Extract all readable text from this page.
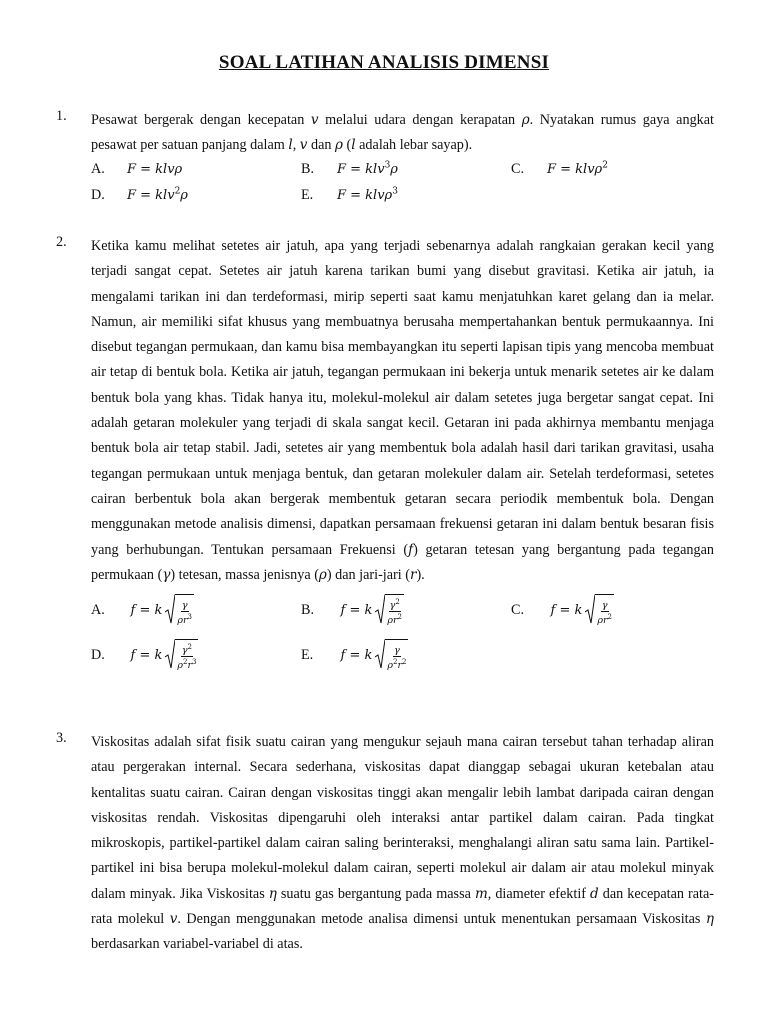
SOAL LATIHAN ANALISIS DIMENSI
1. Pesawat bergerak dengan kecepatan v melalui udara dengan kerapatan ρ. Nyatakan rumus gaya angkat pesawat per satuan panjang dalam l, v dan ρ (l adalah lebar sayap).

A. F = klvρ	B. F = klv$^3$ρ	C. F = klvρ$^2$
D. F = klv$^2$ρ	E. F = klvρ$^3$
2. Ketika kamu melihat setetes air jatuh, apa yang terjadi sebenarnya adalah rangkaian gerakan kecil yang terjadi sangat cepat. Setetes air jatuh karena tarikan bumi yang disebut gravitasi. Ketika air jatuh, ia mengalami tarikan ini dan terdeformasi, mirip seperti saat kamu menjatuhkan karet gelang dan ia melar. Namun, air memiliki sifat khusus yang membuatnya berusaha mempertahankan bentuk permukaannya. Ini disebut tegangan permukaan, dan kamu bisa membayangkan itu seperti lapisan tipis yang mencoba membuat air tetap di bentuk bola. Ketika air jatuh, tegangan permukaan ini bekerja untuk menarik setetes air ke dalam bentuk bola yang khas. Tidak hanya itu, molekul-molekul air dalam setetes juga bergetar sangat cepat. Ini adalah getaran molekuler yang terjadi di skala sangat kecil. Getaran ini pada akhirnya membantu menjaga bentuk bola air tetap stabil. Jadi, setetes air yang membentuk bola adalah hasil dari tarikan gravitasi, usaha tegangan permukaan untuk menjaga bentuk, dan getaran molekuler dalam air. Setelah terdeformasi, setetes cairan berbentuk bola akan bergerak membentuk getaran secara periodik membentuk bola. Dengan menggunakan metode analisis dimensi, dapatkan persamaan frekuensi getaran ini dalam bentuk besaran fisis yang berhubungan. Tentukan persamaan Frekuensi (f) getaran tetesan yang bergantung pada tegangan permukaan (γ) tetesan, massa jenisnya (ρ) dan jari-jari (r).

A. f = k $\frac{\gamma}{\rho r^3}$	B. f = k $\frac{\gamma^2}{\rho r^2}$	C. f = k $\frac{\gamma}{\rho r^2}$
D. f = k $\frac{\gamma^2}{\rho^2r^3}$	E. f = k $\frac{\gamma}{\rho^2r^2}$
3. Viskositas adalah sifat fisik suatu cairan yang mengukur sejauh mana cairan tersebut tahan terhadap aliran atau pergerakan internal. Secara sederhana, viskositas dapat dianggap sebagai ukuran ketebalan atau kentalitas suatu cairan. Cairan dengan viskositas tinggi akan mengalir lebih lambat daripada cairan dengan viskositas rendah. Viskositas dipengaruhi oleh interaksi antar partikel dalam cairan. Pada tingkat mikroskopis, partikel-partikel dalam cairan saling berinteraksi, menghalangi aliran satu sama lain. Partikel-partikel ini bisa berupa molekul-molekul dalam cairan, seperti molekul air dalam air atau molekul minyak dalam minyak. Jika Viskositas η suatu gas bergantung pada massa m, diameter efektif d dan kecepatan rata-rata molekul v. Dengan menggunakan metode analisa dimensi untuk menentukan persamaan Viskositas η berdasarkan variabel-variabel di atas.
